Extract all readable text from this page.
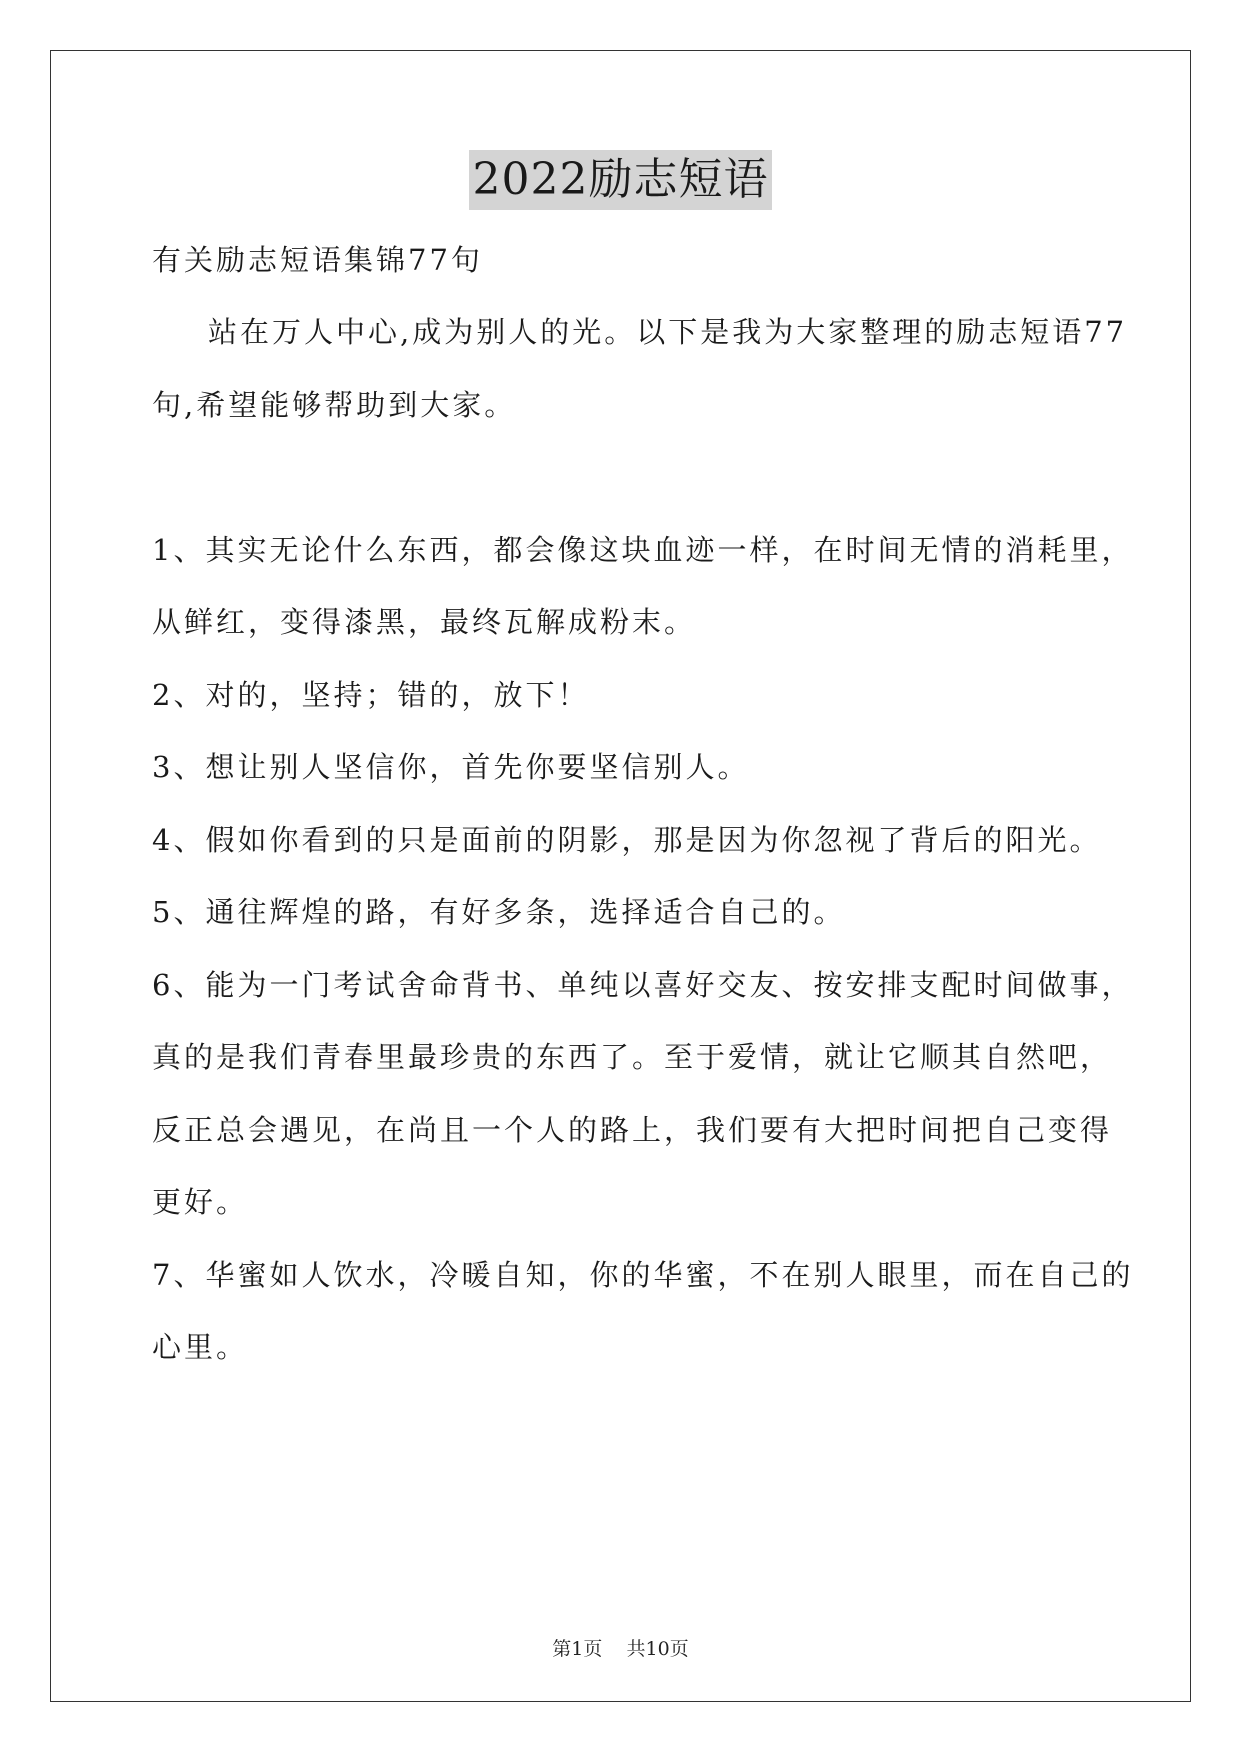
2022励志短语
有关励志短语集锦77句
站在万人中心,成为别人的光。以下是我为大家整理的励志短语77
句,希望能够帮助到大家。
1、其实无论什么东西，都会像这块血迹一样，在时间无情的消耗里，
从鲜红，变得漆黑，最终瓦解成粉末。
2、对的，坚持；错的，放下！
3、想让别人坚信你，首先你要坚信别人。
4、假如你看到的只是面前的阴影，那是因为你忽视了背后的阳光。
5、通往辉煌的路，有好多条，选择适合自己的。
6、能为一门考试舍命背书、单纯以喜好交友、按安排支配时间做事，
真的是我们青春里最珍贵的东西了。至于爱情，就让它顺其自然吧，
反正总会遇见，在尚且一个人的路上，我们要有大把时间把自己变得
更好。
7、华蜜如人饮水，冷暖自知，你的华蜜，不在别人眼里，而在自己的
心里。
第1页 共10页
